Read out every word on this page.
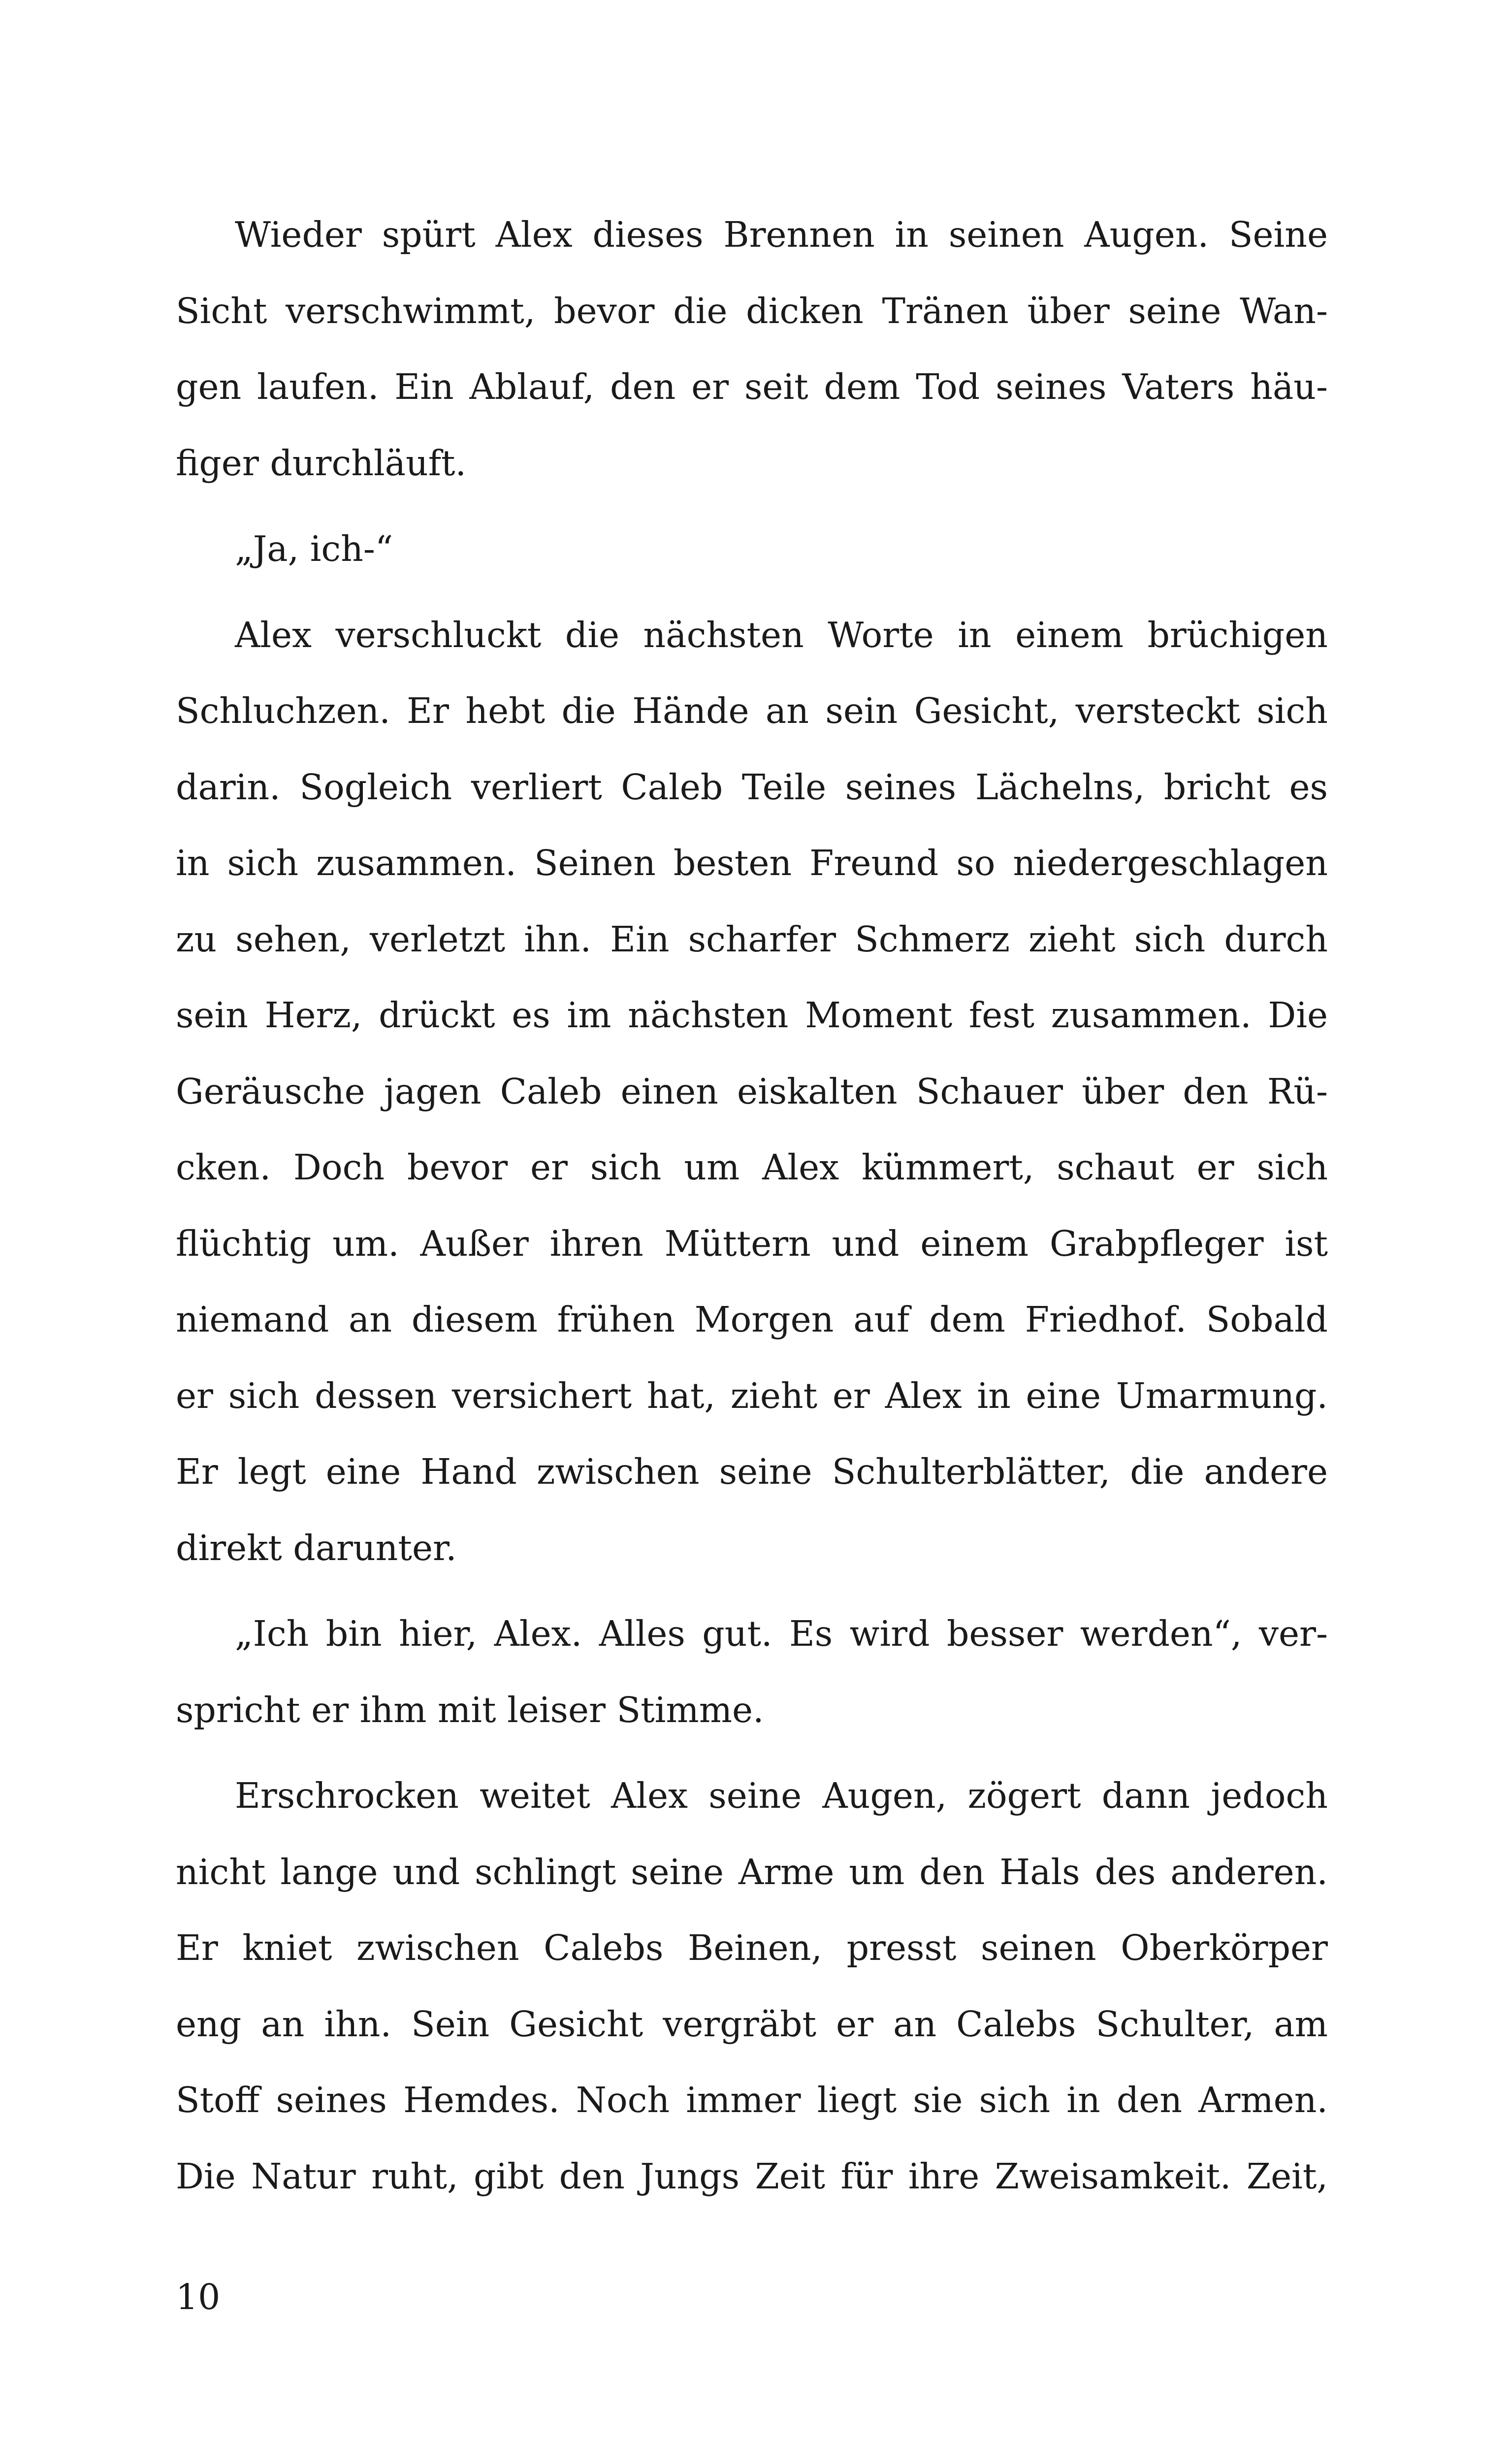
Wieder spürt Alex dieses Brennen in seinen Augen. Seine
Sicht verschwimmt, bevor die dicken Tränen über seine Wan-
gen laufen. Ein Ablauf, den er seit dem Tod seines Vaters häu-
figer durchläuft.

„Ja, ich-“

Alex verschluckt die nächsten Worte in einem brüchigen
Schluchzen. Er hebt die Hände an sein Gesicht, versteckt sich
darin. Sogleich verliert Caleb Teile seines Lächelns, bricht es
in sich zusammen. Seinen besten Freund so niedergeschlagen
zu sehen, verletzt ihn. Ein scharfer Schmerz zieht sich durch
sein Herz, drückt es im nächsten Moment fest zusammen. Die
Geräusche jagen Caleb einen eiskalten Schauer über den Rü-
cken. Doch bevor er sich um Alex kümmert, schaut er sich
flüchtig um. Außer ihren Müttern und einem Grabpfleger ist
niemand an diesem frühen Morgen auf dem Friedhof. Sobald
er sich dessen versichert hat, zieht er Alex in eine Umarmung.
Er legt eine Hand zwischen seine Schulterblätter, die andere
direkt darunter.

„Ich bin hier, Alex. Alles gut. Es wird besser werden“, ver-
spricht er ihm mit leiser Stimme.

Erschrocken weitet Alex seine Augen, zögert dann jedoch
nicht lange und schlingt seine Arme um den Hals des anderen.
Er kniet zwischen Calebs Beinen, presst seinen Oberkörper
eng an ihn. Sein Gesicht vergräbt er an Calebs Schulter, am
Stoff seines Hemdes. Noch immer liegt sie sich in den Armen.
Die Natur ruht, gibt den Jungs Zeit für ihre Zweisamkeit. Zeit,

10
